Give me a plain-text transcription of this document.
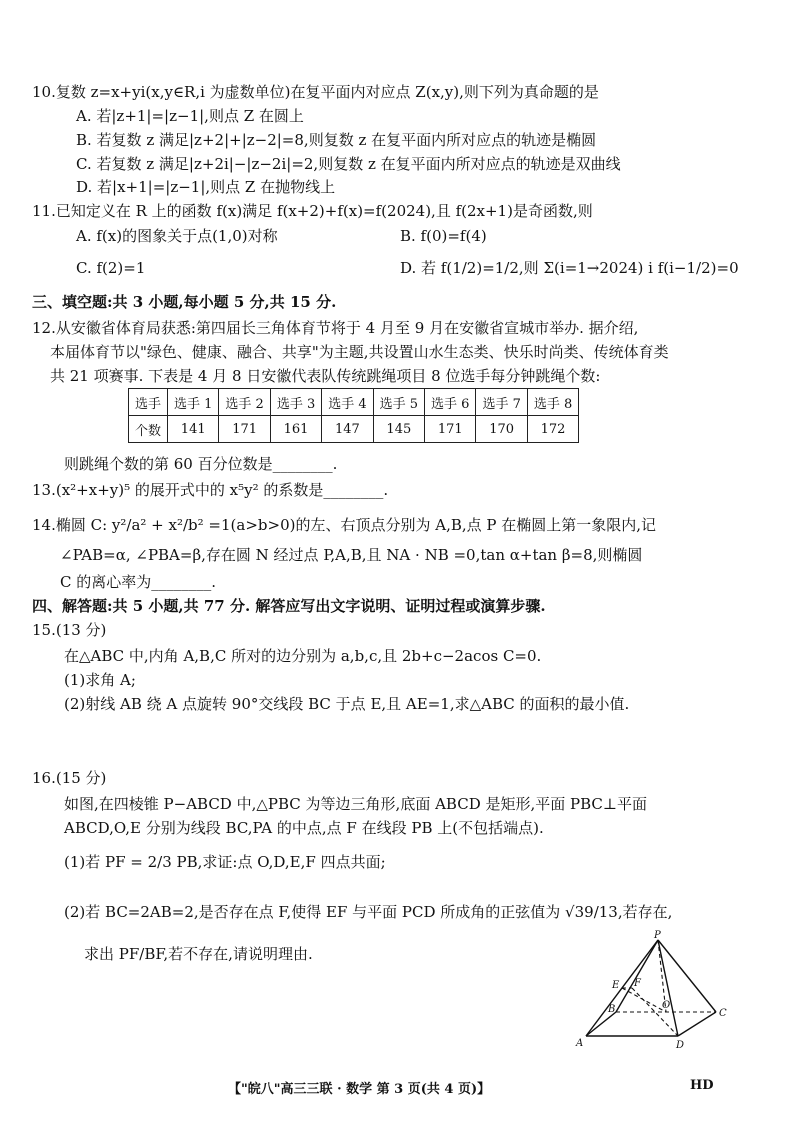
10.复数 z=x+yi(x,y∈R,i 为虚数单位)在复平面内对应点 Z(x,y),则下列为真命题的是
A. 若|z+1|=|z−1|,则点 Z 在圆上
B. 若复数 z 满足|z+2|+|z−2|=8,则复数 z 在复平面内所对应点的轨迹是椭圆
C. 若复数 z 满足|z+2i|−|z−2i|=2,则复数 z 在复平面内所对应点的轨迹是双曲线
D. 若|x+1|=|z−1|,则点 Z 在抛物线上
11.已知定义在 R 上的函数 f(x)满足 f(x+2)+f(x)=f(2024),且 f(2x+1)是奇函数,则
A. f(x)的图象关于点(1,0)对称	B. f(0)=f(4)
C. f(2)=1	D. 若 f(1/2)=1/2,则 Σ(i=1→2024) i f(i−1/2)=0
三、填空题:共 3 小题,每小题 5 分,共 15 分.
12.从安徽省体育局获悉:第四届长三角体育节将于 4 月至 9 月在安徽省宣城市举办. 据介绍,
本届体育节以"绿色、健康、融合、共享"为主题,共设置山水生态类、快乐时尚类、传统体育类
共 21 项赛事. 下表是 4 月 8 日安徽代表队传统跳绳项目 8 位选手每分钟跳绳个数:
选手	选手 1	选手 2	选手 3	选手 4	选手 5	选手 6	选手 7	选手 8
个数	141	171	161	147	145	171	170	172
则跳绳个数的第 60 百分位数是________.
13.(x²+x+y)⁵ 的展开式中的 x⁵y² 的系数是________.
14.椭圆 C: y²/a² + x²/b² =1(a>b>0)的左、右顶点分别为 A,B,点 P 在椭圆上第一象限内,记
∠PAB=α, ∠PBA=β,存在圆 N 经过点 P,A,B,且 NA · NB =0,tan α+tan β=8,则椭圆
C 的离心率为________.
四、解答题:共 5 小题,共 77 分. 解答应写出文字说明、证明过程或演算步骤.
15.(13 分)
在△ABC 中,内角 A,B,C 所对的边分别为 a,b,c,且 2b+c−2acos C=0.
(1)求角 A;
(2)射线 AB 绕 A 点旋转 90°交线段 BC 于点 E,且 AE=1,求△ABC 的面积的最小值.
16.(15 分)
如图,在四棱锥 P−ABCD 中,△PBC 为等边三角形,底面 ABCD 是矩形,平面 PBC⊥平面
ABCD,O,E 分别为线段 BC,PA 的中点,点 F 在线段 PB 上(不包括端点).
(1)若 PF = 2/3 PB,求证:点 O,D,E,F 四点共面;
(2)若 BC=2AB=2,是否存在点 F,使得 EF 与平面 PCD 所成角的正弦值为 √39/13,若存在,
求出 PF/BF,若不存在,请说明理由.
P
E F
B	O
C
A	D
【"皖八"高三三联 · 数学 第 3 页(共 4 页)】	HD
